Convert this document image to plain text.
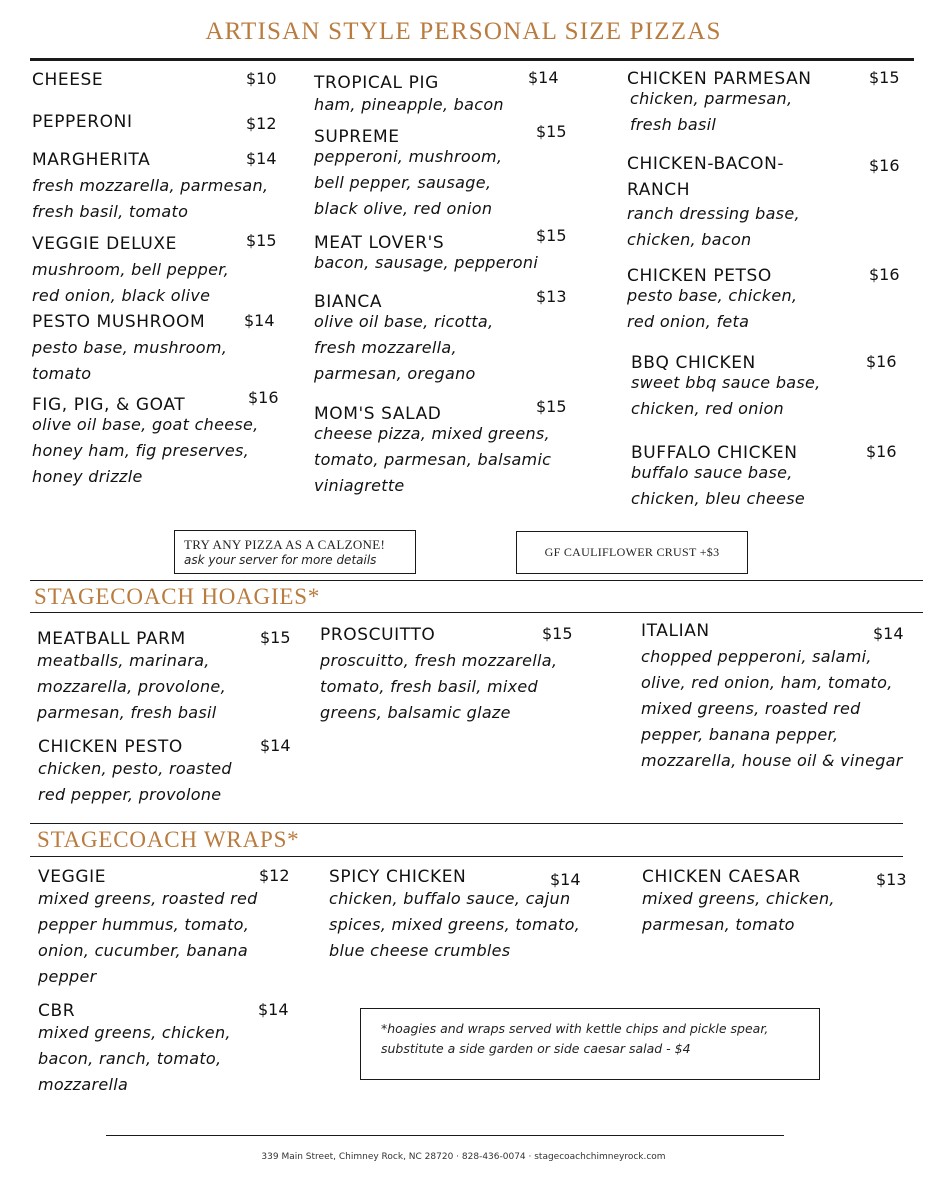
ARTISAN STYLE PERSONAL SIZE PIZZAS
CHEESE	$10
PEPPERONI	$12
MARGHERITA	$14
fresh mozzarella, parmesan, fresh basil, tomato
VEGGIE DELUXE	$15
mushroom, bell pepper, red onion, black olive
PESTO MUSHROOM	$14
pesto base, mushroom, tomato
FIG, PIG, & GOAT	$16
olive oil base, goat cheese, honey ham, fig preserves, honey drizzle
TROPICAL PIG	$14
ham, pineapple, bacon
SUPREME	$15
pepperoni, mushroom, bell pepper, sausage, black olive, red onion
MEAT LOVER'S	$15
bacon, sausage, pepperoni
BIANCA	$13
olive oil base, ricotta, fresh mozzarella, parmesan, oregano
MOM'S SALAD	$15
cheese pizza, mixed greens, tomato, parmesan, balsamic viniagrette
CHICKEN PARMESAN	$15
chicken, parmesan, fresh basil
CHICKEN-BACON-RANCH
$16
ranch dressing base, chicken, bacon
CHICKEN PETSO	$16
pesto base, chicken, red onion, feta
BBQ CHICKEN	$16
sweet bbq sauce base, chicken, red onion
BUFFALO CHICKEN	$16
buffalo sauce base, chicken, bleu cheese
TRY ANY PIZZA AS A CALZONE!
ask your server for more details
GF CAULIFLOWER CRUST +$3
STAGECOACH HOAGIES*
MEATBALL PARM	$15
meatballs, marinara, mozzarella, provolone, parmesan, fresh basil
CHICKEN PESTO	$14
chicken, pesto, roasted red pepper, provolone
PROSCUITTO	$15
proscuitto, fresh mozzarella, tomato, fresh basil, mixed greens, balsamic glaze
ITALIAN	$14
chopped pepperoni, salami, olive, red onion, ham, tomato, mixed greens, roasted red pepper, banana pepper, mozzarella, house oil & vinegar
STAGECOACH WRAPS*
VEGGIE	$12
mixed greens, roasted red pepper hummus, tomato, onion, cucumber, banana pepper
CBR	$14
mixed greens, chicken, bacon, ranch, tomato, mozzarella
SPICY CHICKEN	$14
chicken, buffalo sauce, cajun spices, mixed greens, tomato, blue cheese crumbles
CHICKEN CAESAR	$13
mixed greens, chicken, parmesan, tomato
*hoagies and wraps served with kettle chips and pickle spear, substitute a side garden or side caesar salad - $4
339 Main Street, Chimney Rock, NC 28720 · 828-436-0074 · stagecoachchimneyrock.com
